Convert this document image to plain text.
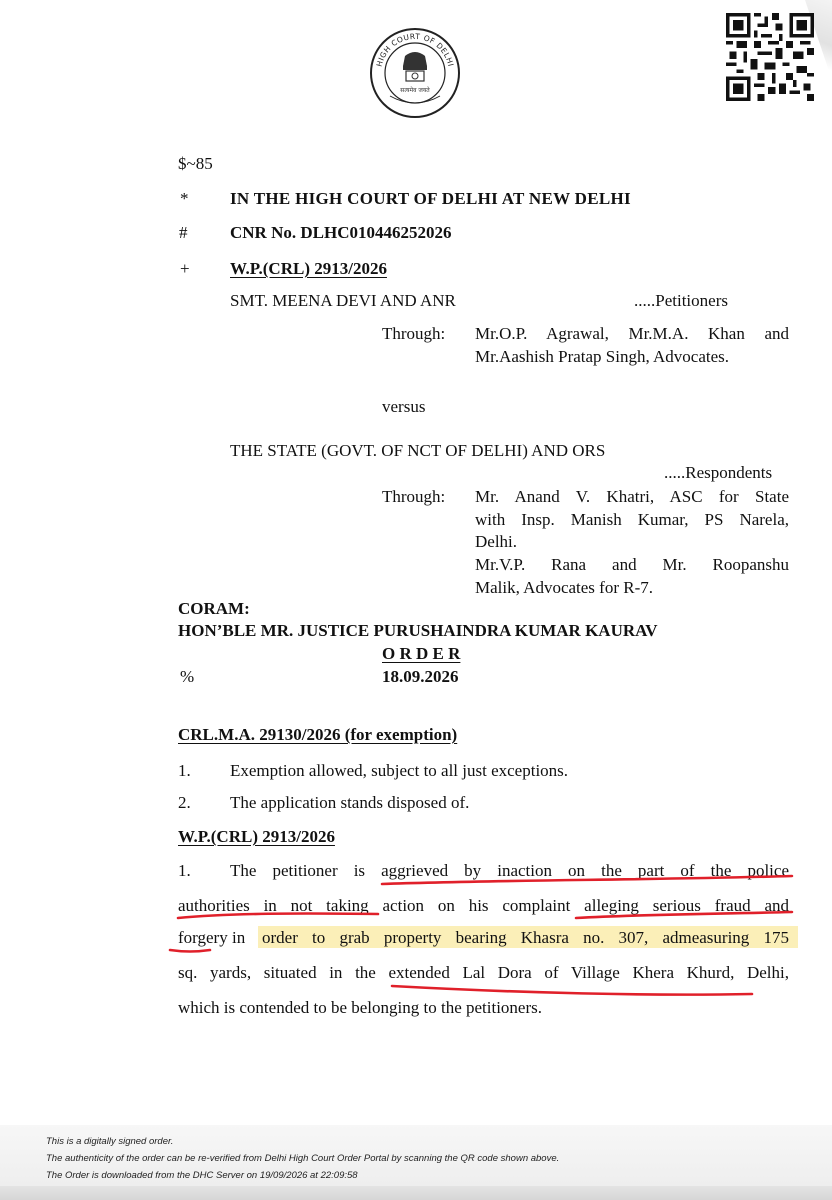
HIGH COURT OF DELHI
सत्यमेव जयते
$~85
* IN THE HIGH COURT OF DELHI AT NEW DELHI
#	CNR No. DLHC010446252026
+ W.P.(CRL) 2913/2026
SMT. MEENA DEVI AND ANR	.....Petitioners
Through: Mr.O.P. Agrawal, Mr.M.A. Khan and
Mr.Aashish Pratap Singh, Advocates.
versus
THE STATE (GOVT. OF NCT OF DELHI) AND ORS
.....Respondents
Through: Mr. Anand V. Khatri, ASC for State
with Insp. Manish Kumar, PS Narela,
Delhi.
Mr.V.P. Rana and Mr. Roopanshu
Malik, Advocates for R-7.
CORAM:
HON’BLE MR. JUSTICE PURUSHAINDRA KUMAR KAURAV
O R D E R
%	18.09.2026
CRL.M.A. 29130/2026 (for exemption)
1. Exemption allowed, subject to all just exceptions.
2. The application stands disposed of.
W.P.(CRL) 2913/2026
1. The petitioner is aggrieved by inaction on the part of the police
authorities in not taking action on his complaint alleging serious fraud and
forgery in order to grab property bearing Khasra no. 307, admeasuring 175
sq. yards, situated in the extended Lal Dora of Village Khera Khurd, Delhi,
which is contended to be belonging to the petitioners.
This is a digitally signed order.
The authenticity of the order can be re-verified from Delhi High Court Order Portal by scanning the QR code shown above.
The Order is downloaded from the DHC Server on 19/09/2026 at 22:09:58
